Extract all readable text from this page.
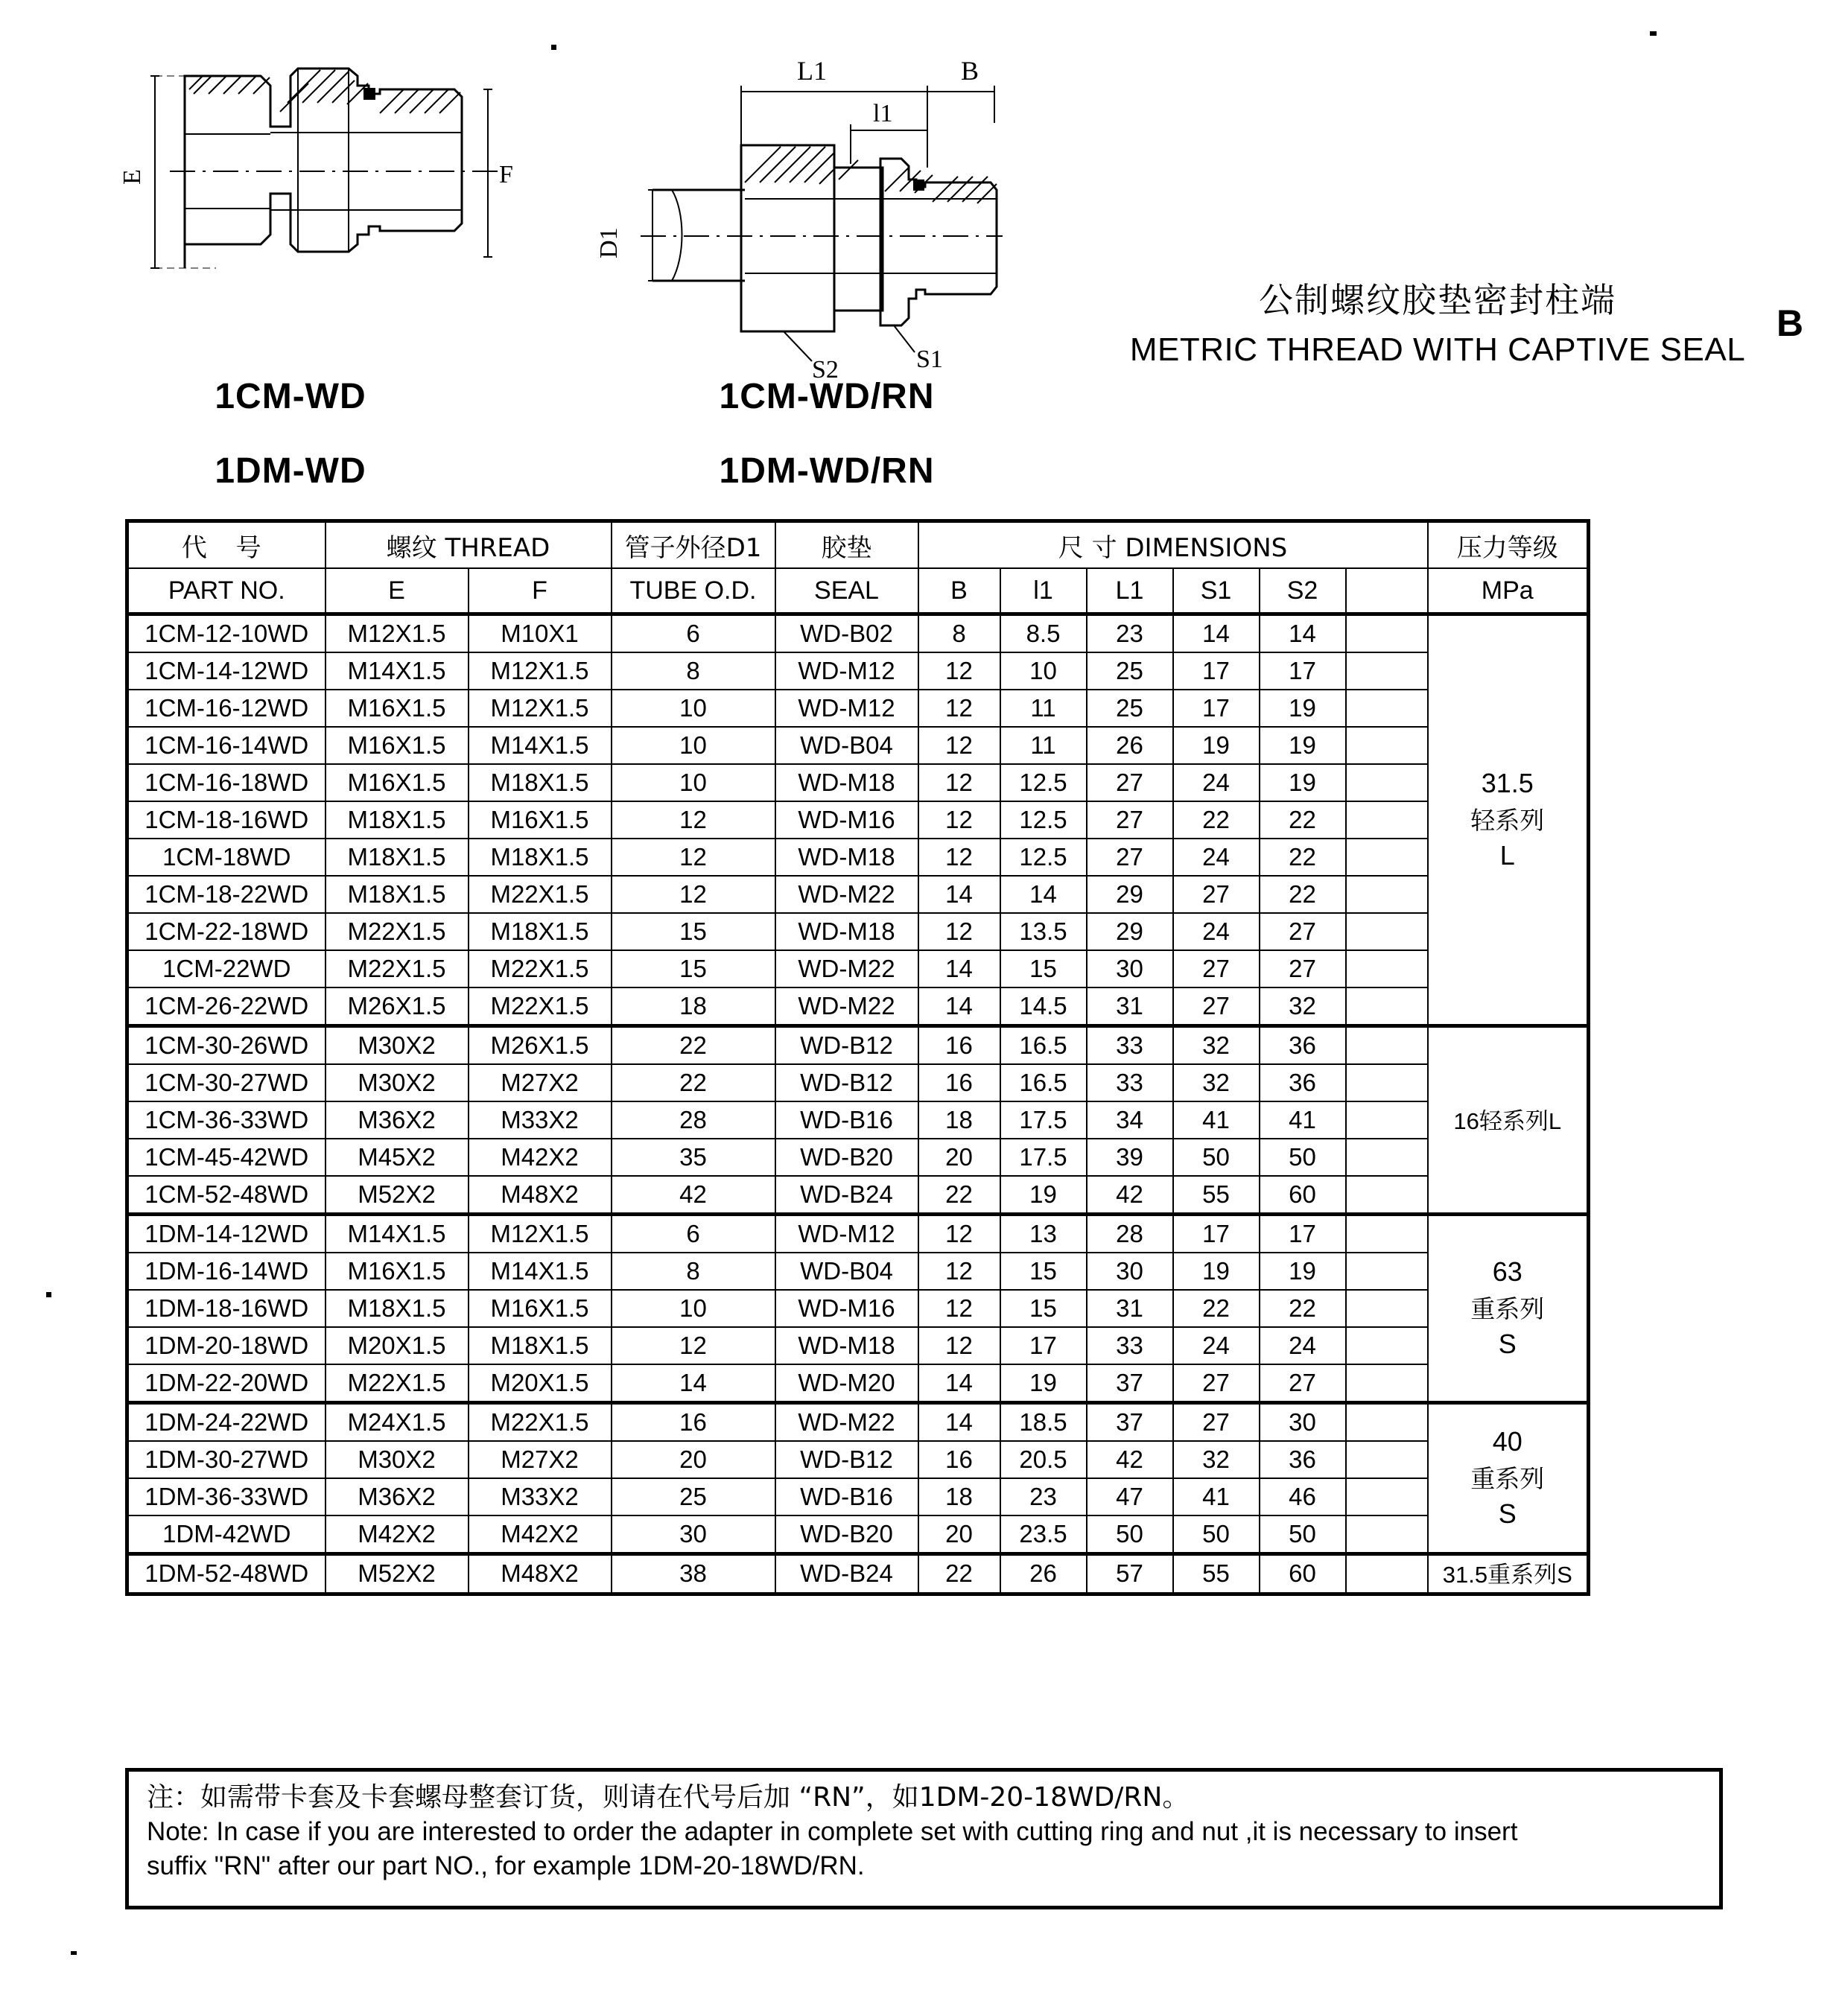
E	F
L1	B
l1
D1
S1
S2
公制螺纹胶垫密封柱端
METRIC THREAD WITH CAPTIVE SEAL
B
1CM-WD
1DM-WD
1CM-WD/RN
1DM-WD/RN
代 号	螺纹 THREAD		管子外径D1	胶垫	尺 寸 DIMENSIONS						压力等级
PART NO.	E	F	TUBE O.D.	SEAL	B	l1	L1	S1	S2		MPa
1CM-12-10WD	M12X1.5	M10X1	6	WD-B02	8	8.5	23	14	14		31.5
轻系列
L
1CM-14-12WD	M14X1.5	M12X1.5	8	WD-M12	12	10	25	17	17		
1CM-16-12WD	M16X1.5	M12X1.5	10	WD-M12	12	11	25	17	19		
1CM-16-14WD	M16X1.5	M14X1.5	10	WD-B04	12	11	26	19	19		
1CM-16-18WD	M16X1.5	M18X1.5	10	WD-M18	12	12.5	27	24	19		
1CM-18-16WD	M18X1.5	M16X1.5	12	WD-M16	12	12.5	27	22	22		
1CM-18WD	M18X1.5	M18X1.5	12	WD-M18	12	12.5	27	24	22		
1CM-18-22WD	M18X1.5	M22X1.5	12	WD-M22	14	14	29	27	22		
1CM-22-18WD	M22X1.5	M18X1.5	15	WD-M18	12	13.5	29	24	27		
1CM-22WD	M22X1.5	M22X1.5	15	WD-M22	14	15	30	27	27		
1CM-26-22WD	M26X1.5	M22X1.5	18	WD-M22	14	14.5	31	27	32		
1CM-30-26WD	M30X2	M26X1.5	22	WD-B12	16	16.5	33	32	36		16轻系列L
1CM-30-27WD	M30X2	M27X2	22	WD-B12	16	16.5	33	32	36		
1CM-36-33WD	M36X2	M33X2	28	WD-B16	18	17.5	34	41	41		
1CM-45-42WD	M45X2	M42X2	35	WD-B20	20	17.5	39	50	50		
1CM-52-48WD	M52X2	M48X2	42	WD-B24	22	19	42	55	60		
1DM-14-12WD	M14X1.5	M12X1.5	6	WD-M12	12	13	28	17	17		63
重系列
S
1DM-16-14WD	M16X1.5	M14X1.5	8	WD-B04	12	15	30	19	19		
1DM-18-16WD	M18X1.5	M16X1.5	10	WD-M16	12	15	31	22	22		
1DM-20-18WD	M20X1.5	M18X1.5	12	WD-M18	12	17	33	24	24		
1DM-22-20WD	M22X1.5	M20X1.5	14	WD-M20	14	19	37	27	27		
1DM-24-22WD	M24X1.5	M22X1.5	16	WD-M22	14	18.5	37	27	30		40
重系列
S
1DM-30-27WD	M30X2	M27X2	20	WD-B12	16	20.5	42	32	36		
1DM-36-33WD	M36X2	M33X2	25	WD-B16	18	23	47	41	46		
1DM-42WD	M42X2	M42X2	30	WD-B20	20	23.5	50	50	50		
1DM-52-48WD	M52X2	M48X2	38	WD-B24	22	26	57	55	60		31.5重系列S
注：如需带卡套及卡套螺母整套订货，则请在代号后加 “RN”，如1DM-20-18WD/RN。
Note: In case if you are interested to order the adapter in complete set with cutting ring and nut ,it is necessary to insert
suffix "RN" after our part NO., for example 1DM-20-18WD/RN.
